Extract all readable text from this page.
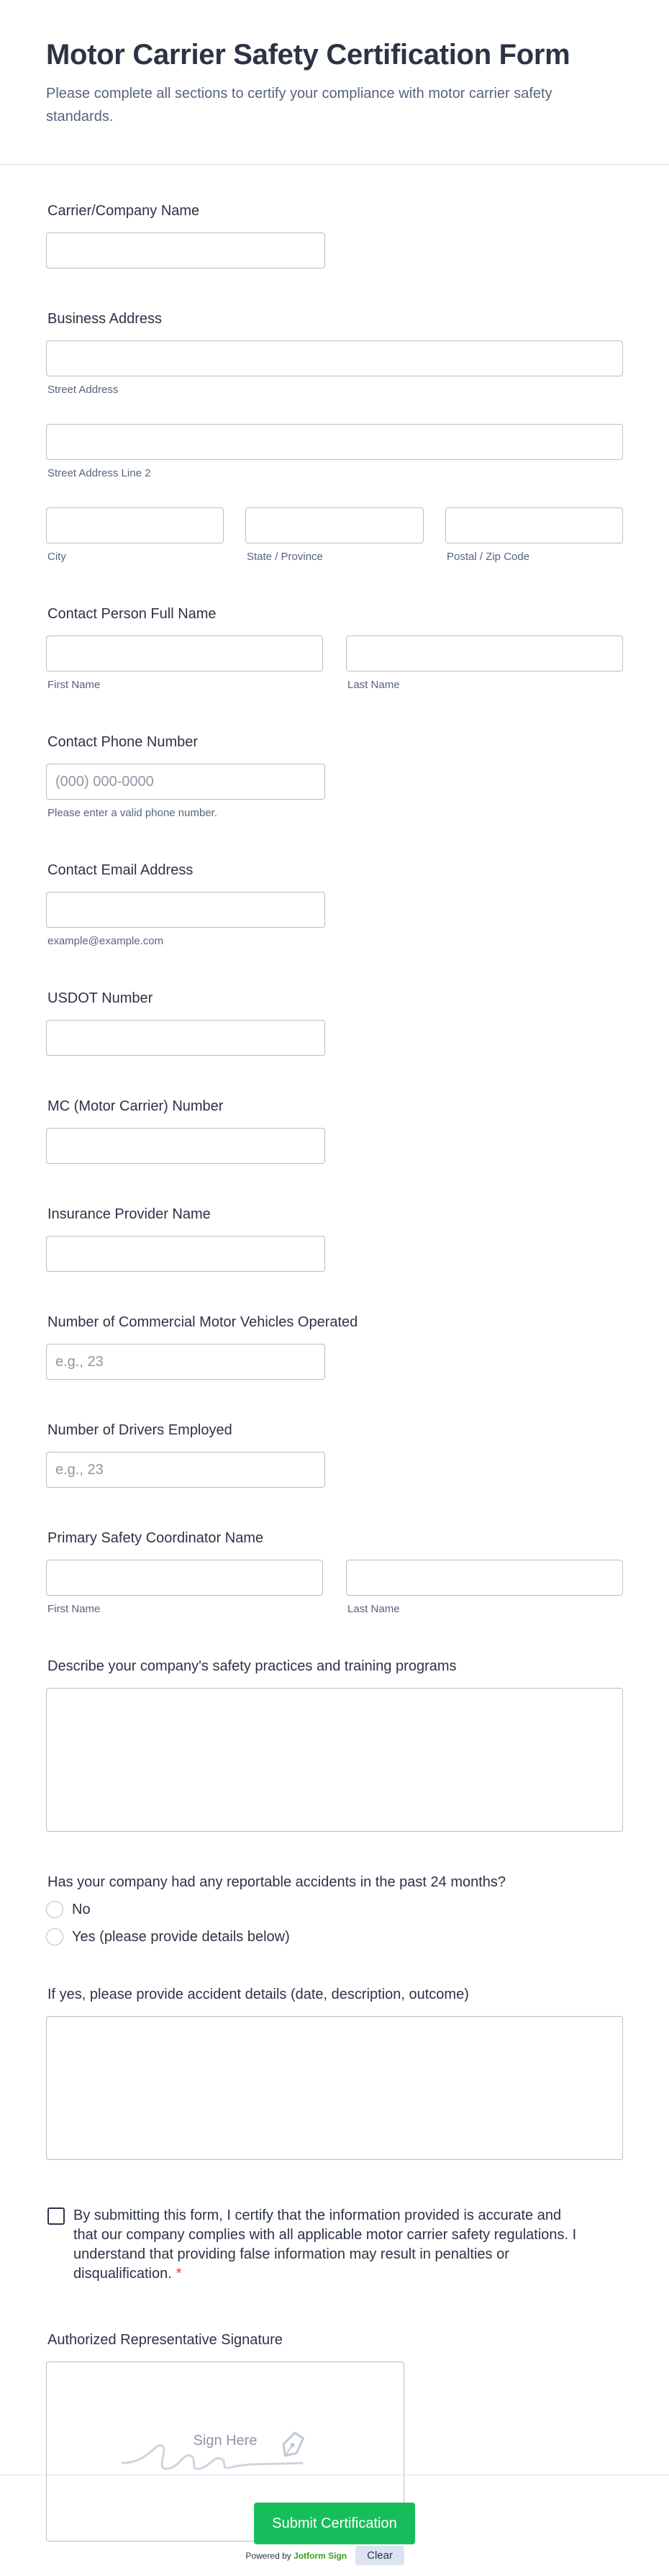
Motor Carrier Safety Certification Form

Please complete all sections to certify your compliance with motor carrier safety standards.

Carrier/Company Name
Business Address
Street Address
Street Address Line 2
City	State / Province	Postal / Zip Code
Contact Person Full Name
First Name	Last Name
Contact Phone Number
(000) 000-0000
Please enter a valid phone number.
Contact Email Address
example@example.com
USDOT Number
MC (Motor Carrier) Number
Insurance Provider Name
Number of Commercial Motor Vehicles Operated
e.g., 23
Number of Drivers Employed
e.g., 23
Primary Safety Coordinator Name
First Name	Last Name
Describe your company's safety practices and training programs
Has your company had any reportable accidents in the past 24 months?
No
Yes (please provide details below)
If yes, please provide accident details (date, description, outcome)
By submitting this form, I certify that the information provided is accurate and that our company complies with all applicable motor carrier safety regulations. I understand that providing false information may result in penalties or disqualification. *
Authorized Representative Signature
Sign Here
Powered by Jotform Sign	Clear
Submit Certification
